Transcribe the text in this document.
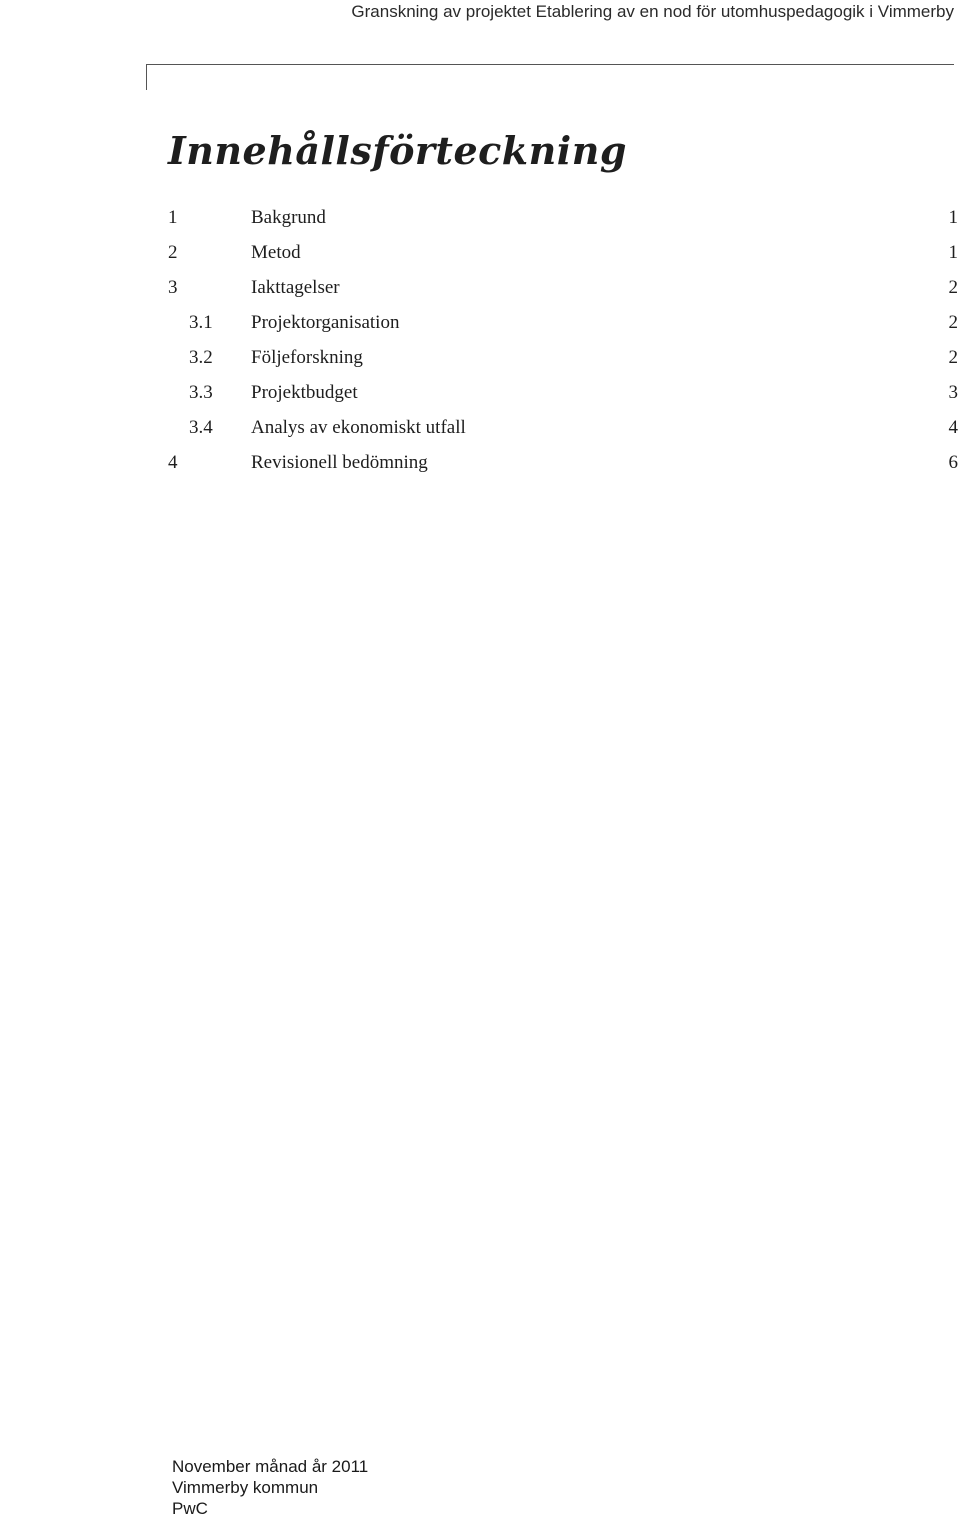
Granskning av projektet Etablering av en nod för utomhuspedagogik i Vimmerby
Innehållsförteckning
1	Bakgrund	1
2	Metod	1
3	Iakttagelser	2
3.1 Projektorganisation	2
3.2 Följeforskning	2
3.3 Projektbudget	3
3.4 Analys av ekonomiskt utfall	4
4	Revisionell bedömning	6
November månad år 2011
Vimmerby kommun
PwC
